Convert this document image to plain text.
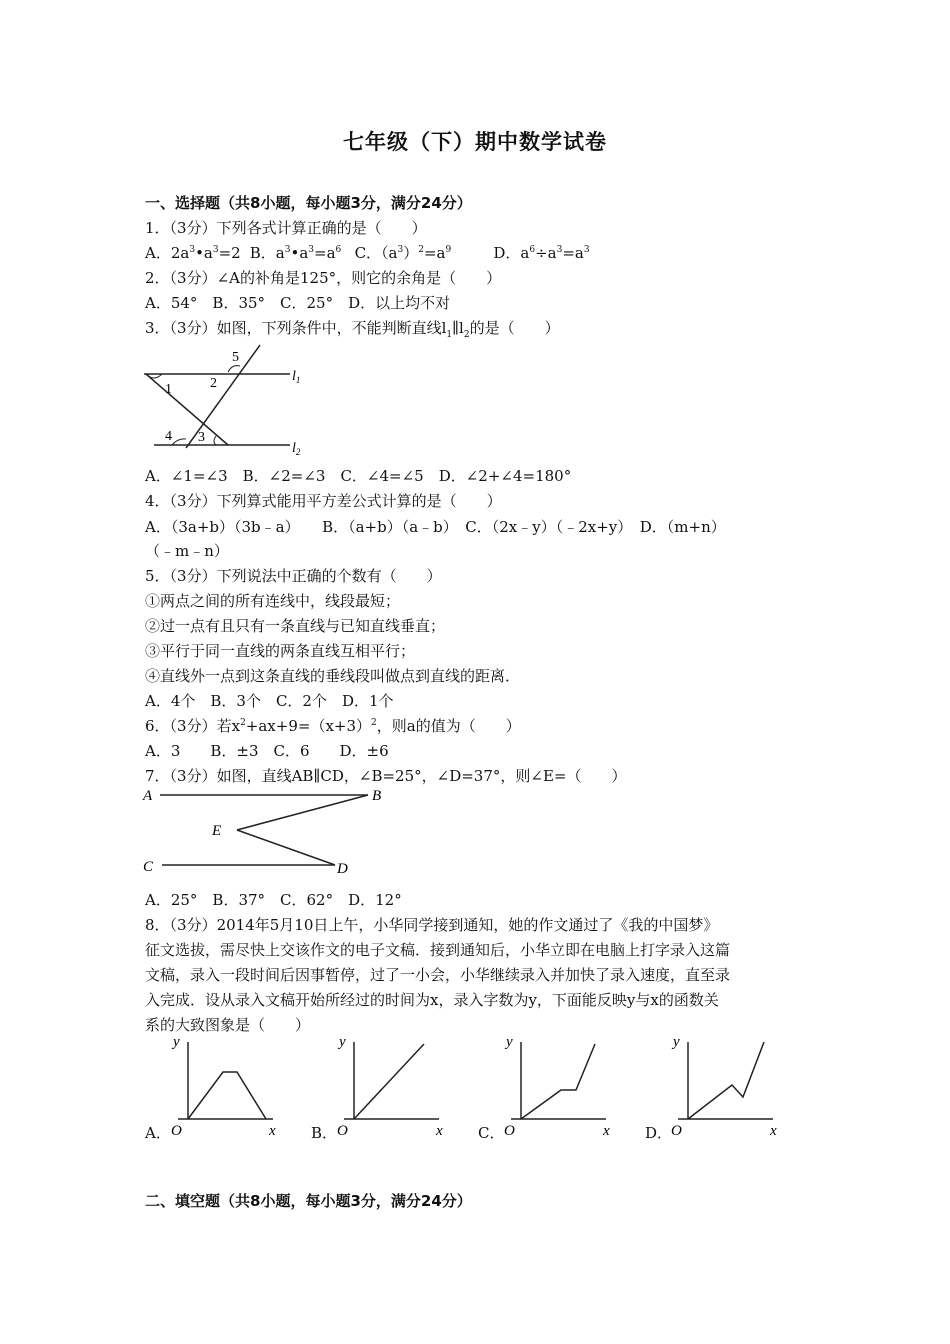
七年级（下）期中数学试卷
一、选择题（共8小题，每小题3分，满分24分）
1．（3分）下列各式计算正确的是（　　）
A．$2a^3•a^3=2$ B．$a^3•a^3=a^6$ C．$(a^3)^2=a^9$	D．$a^6\div a^3=a^3$
2．（3分）∠A的补角是125°，则它的余角是（　　）
A．54°　B．35°　C．25°　D．以上均不对
3．（3分）如图，下列条件中，不能判断直线$l_1\parallel l_2$的是（　　）
5
2
1
4 3
$l_1$
$l_2$
A．∠1=∠3　B．∠2=∠3　C．∠4=∠5　D．∠2+∠4=180°
4．（3分）下列算式能用平方差公式计算的是（　　）
A．（3a+b）（3b﹣a）　　B．（a+b）（a﹣b）　C．（2x﹣y）（﹣2x+y）　D．（m+n）
（﹣m﹣n）
5．（3分）下列说法中正确的个数有（　　）
①两点之间的所有连线中，线段最短；
②过一点有且只有一条直线与已知直线垂直；
③平行于同一直线的两条直线互相平行；
④直线外一点到这条直线的垂线段叫做点到直线的距离．
A．4个　B．3个　C．2个　D．1个
6．（3分）若$x^2+ax+9=(x+3)^2$，则a的值为（　　）
A．3　　B．±3　C．6　　D．±6
7．（3分）如图，直线AB∥CD，∠B=25°，∠D=37°，则∠E=（　　）
A	B
C	D
E
A．25°　B．37°　C．62°　D．12°
8．（3分）2014年5月10日上午，小华同学接到通知，她的作文通过了《我的中国梦》
征文选拔，需尽快上交该作文的电子文稿．接到通知后，小华立即在电脑上打字录入这篇
文稿，录入一段时间后因事暂停，过了一小会，小华继续录入并加快了录入速度，直至录
入完成．设从录入文稿开始所经过的时间为x，录入字数为y，下面能反映y与x的函数关
系的大致图象是（　　）
A．	B．	C．	D．
y
O	x
y
O	x
y
O	x
y
O	x
二、填空题（共8小题，每小题3分，满分24分）
